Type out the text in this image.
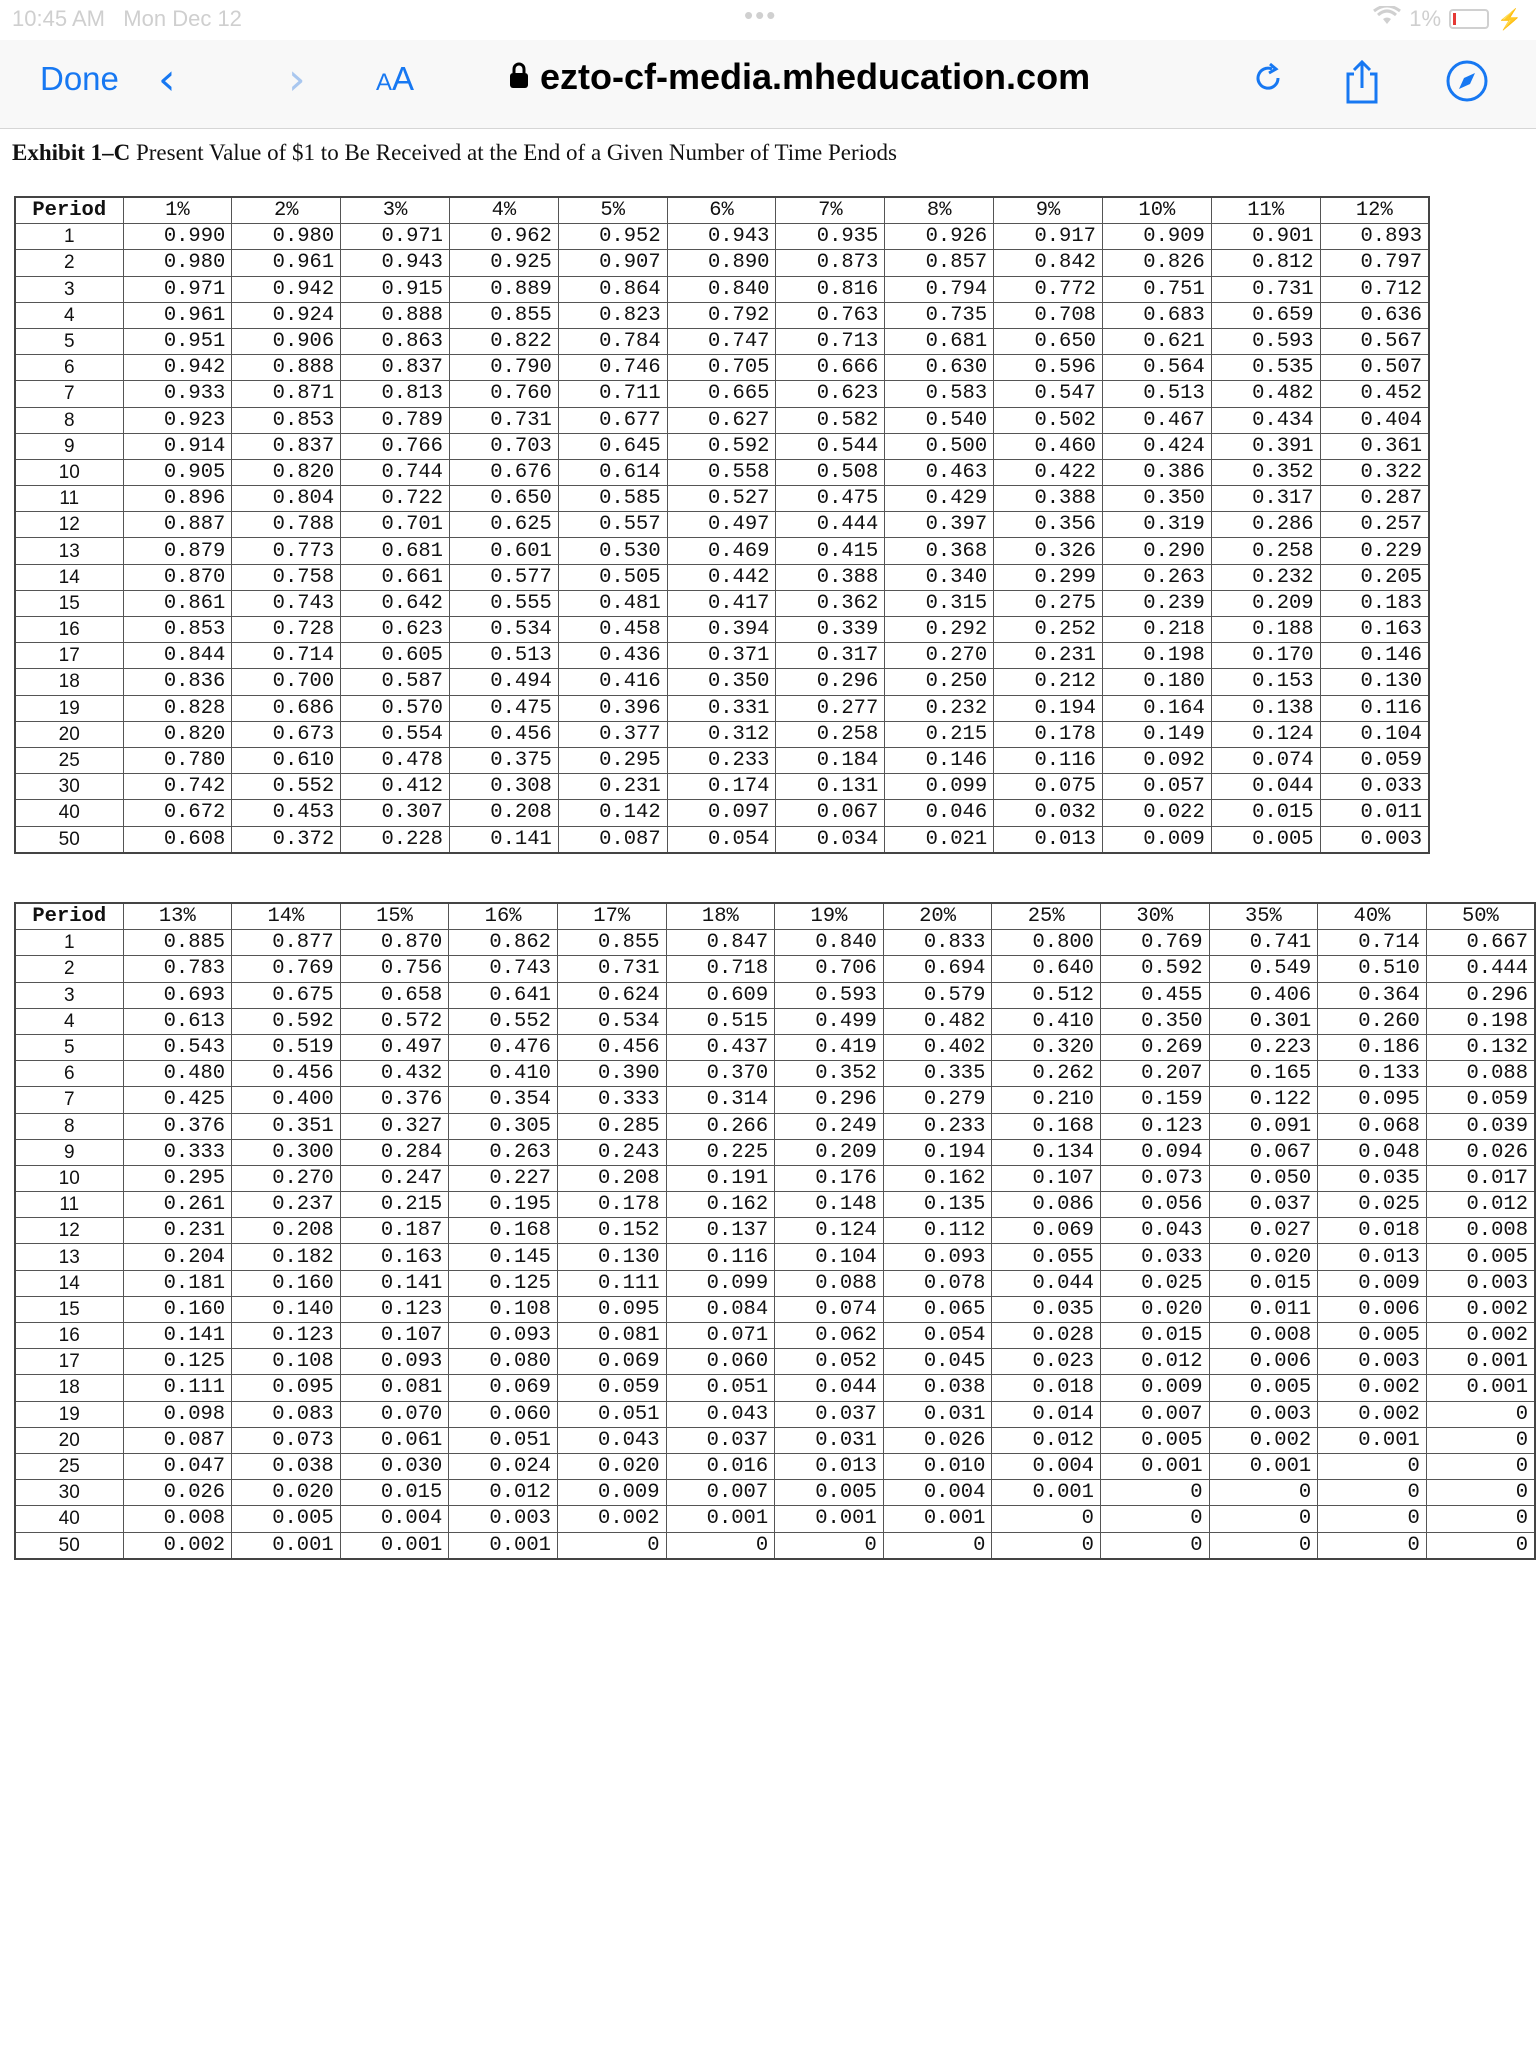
10:45 AM Mon Dec 12	•••	1%	⚡
Done ‹	›	AA	ezto-cf-media.mheducation.com
Exhibit 1–C Present Value of $1 to Be Received at the End of a Given Number of Time Periods
Period	1%	2%	3%	4%	5%	6%	7%	8%	9%	10%	11%	12%
1	0.990	0.980	0.971	0.962	0.952	0.943	0.935	0.926	0.917	0.909	0.901	0.893
2	0.980	0.961	0.943	0.925	0.907	0.890	0.873	0.857	0.842	0.826	0.812	0.797
3	0.971	0.942	0.915	0.889	0.864	0.840	0.816	0.794	0.772	0.751	0.731	0.712
4	0.961	0.924	0.888	0.855	0.823	0.792	0.763	0.735	0.708	0.683	0.659	0.636
5	0.951	0.906	0.863	0.822	0.784	0.747	0.713	0.681	0.650	0.621	0.593	0.567
6	0.942	0.888	0.837	0.790	0.746	0.705	0.666	0.630	0.596	0.564	0.535	0.507
7	0.933	0.871	0.813	0.760	0.711	0.665	0.623	0.583	0.547	0.513	0.482	0.452
8	0.923	0.853	0.789	0.731	0.677	0.627	0.582	0.540	0.502	0.467	0.434	0.404
9	0.914	0.837	0.766	0.703	0.645	0.592	0.544	0.500	0.460	0.424	0.391	0.361
10	0.905	0.820	0.744	0.676	0.614	0.558	0.508	0.463	0.422	0.386	0.352	0.322
11	0.896	0.804	0.722	0.650	0.585	0.527	0.475	0.429	0.388	0.350	0.317	0.287
12	0.887	0.788	0.701	0.625	0.557	0.497	0.444	0.397	0.356	0.319	0.286	0.257
13	0.879	0.773	0.681	0.601	0.530	0.469	0.415	0.368	0.326	0.290	0.258	0.229
14	0.870	0.758	0.661	0.577	0.505	0.442	0.388	0.340	0.299	0.263	0.232	0.205
15	0.861	0.743	0.642	0.555	0.481	0.417	0.362	0.315	0.275	0.239	0.209	0.183
16	0.853	0.728	0.623	0.534	0.458	0.394	0.339	0.292	0.252	0.218	0.188	0.163
17	0.844	0.714	0.605	0.513	0.436	0.371	0.317	0.270	0.231	0.198	0.170	0.146
18	0.836	0.700	0.587	0.494	0.416	0.350	0.296	0.250	0.212	0.180	0.153	0.130
19	0.828	0.686	0.570	0.475	0.396	0.331	0.277	0.232	0.194	0.164	0.138	0.116
20	0.820	0.673	0.554	0.456	0.377	0.312	0.258	0.215	0.178	0.149	0.124	0.104
25	0.780	0.610	0.478	0.375	0.295	0.233	0.184	0.146	0.116	0.092	0.074	0.059
30	0.742	0.552	0.412	0.308	0.231	0.174	0.131	0.099	0.075	0.057	0.044	0.033
40	0.672	0.453	0.307	0.208	0.142	0.097	0.067	0.046	0.032	0.022	0.015	0.011
50	0.608	0.372	0.228	0.141	0.087	0.054	0.034	0.021	0.013	0.009	0.005	0.003
Period	13%	14%	15%	16%	17%	18%	19%	20%	25%	30%	35%	40%	50%
1	0.885	0.877	0.870	0.862	0.855	0.847	0.840	0.833	0.800	0.769	0.741	0.714	0.667
2	0.783	0.769	0.756	0.743	0.731	0.718	0.706	0.694	0.640	0.592	0.549	0.510	0.444
3	0.693	0.675	0.658	0.641	0.624	0.609	0.593	0.579	0.512	0.455	0.406	0.364	0.296
4	0.613	0.592	0.572	0.552	0.534	0.515	0.499	0.482	0.410	0.350	0.301	0.260	0.198
5	0.543	0.519	0.497	0.476	0.456	0.437	0.419	0.402	0.320	0.269	0.223	0.186	0.132
6	0.480	0.456	0.432	0.410	0.390	0.370	0.352	0.335	0.262	0.207	0.165	0.133	0.088
7	0.425	0.400	0.376	0.354	0.333	0.314	0.296	0.279	0.210	0.159	0.122	0.095	0.059
8	0.376	0.351	0.327	0.305	0.285	0.266	0.249	0.233	0.168	0.123	0.091	0.068	0.039
9	0.333	0.300	0.284	0.263	0.243	0.225	0.209	0.194	0.134	0.094	0.067	0.048	0.026
10	0.295	0.270	0.247	0.227	0.208	0.191	0.176	0.162	0.107	0.073	0.050	0.035	0.017
11	0.261	0.237	0.215	0.195	0.178	0.162	0.148	0.135	0.086	0.056	0.037	0.025	0.012
12	0.231	0.208	0.187	0.168	0.152	0.137	0.124	0.112	0.069	0.043	0.027	0.018	0.008
13	0.204	0.182	0.163	0.145	0.130	0.116	0.104	0.093	0.055	0.033	0.020	0.013	0.005
14	0.181	0.160	0.141	0.125	0.111	0.099	0.088	0.078	0.044	0.025	0.015	0.009	0.003
15	0.160	0.140	0.123	0.108	0.095	0.084	0.074	0.065	0.035	0.020	0.011	0.006	0.002
16	0.141	0.123	0.107	0.093	0.081	0.071	0.062	0.054	0.028	0.015	0.008	0.005	0.002
17	0.125	0.108	0.093	0.080	0.069	0.060	0.052	0.045	0.023	0.012	0.006	0.003	0.001
18	0.111	0.095	0.081	0.069	0.059	0.051	0.044	0.038	0.018	0.009	0.005	0.002	0.001
19	0.098	0.083	0.070	0.060	0.051	0.043	0.037	0.031	0.014	0.007	0.003	0.002	0
20	0.087	0.073	0.061	0.051	0.043	0.037	0.031	0.026	0.012	0.005	0.002	0.001	0
25	0.047	0.038	0.030	0.024	0.020	0.016	0.013	0.010	0.004	0.001	0.001	0	0
30	0.026	0.020	0.015	0.012	0.009	0.007	0.005	0.004	0.001	0	0	0	0
40	0.008	0.005	0.004	0.003	0.002	0.001	0.001	0.001	0	0	0	0	0
50	0.002	0.001	0.001	0.001	0	0	0	0	0	0	0	0	0
